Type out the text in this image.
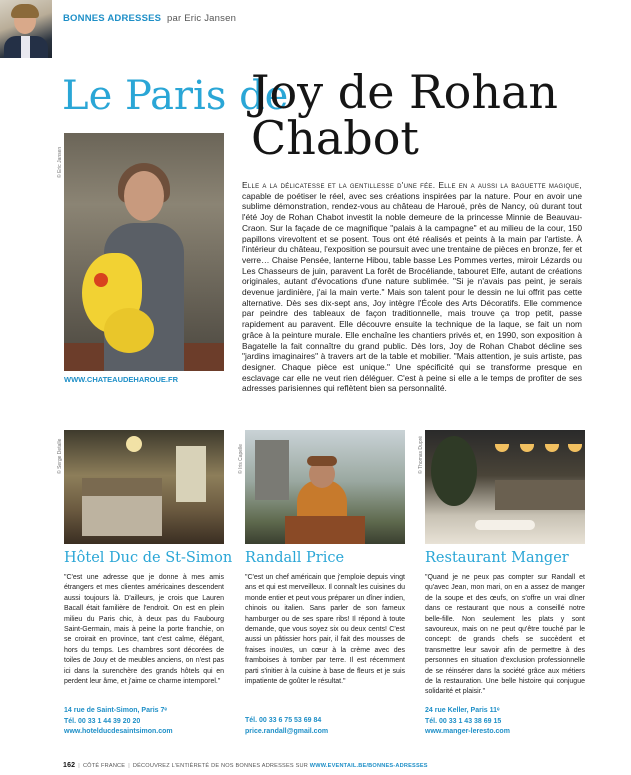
BONNES ADRESSES par Eric Jansen
Le Paris de
Joy de Rohan
Chabot
© Eric Jansen
WWW.CHATEAUDEHAROUE.FR
Elle a la délicatesse et la gentillesse d'une fée. Elle en a aussi la baguette magique, capable de poétiser le réel, avec ses créations inspirées par la nature. Pour en avoir une sublime démonstration, rendez-vous au château de Haroué, près de Nancy, où durant tout l'été Joy de Rohan Chabot investit la noble demeure de la princesse Minnie de Beauvau-Craon. Sur la façade de ce magnifique "palais à la campagne" et au milieu de la cour, 150 papillons virevoltent et se posent. Tous ont été réalisés et peints à la main par l'artiste. À l'intérieur du château, l'exposition se poursuit avec une trentaine de pièces en bronze, fer et verre… Chaise Pensée, lanterne Hibou, table basse Les Pommes vertes, miroir Lézards ou Les Chasseurs de juin, paravent La forêt de Brocéliande, tabouret Elfe, autant de créations originales, autant d'évocations d'une nature sublimée. "Si je n'avais pas peint, je serais devenue jardinière, j'ai la main verte." Mais son talent pour le dessin ne lui offrit pas cette alternative. Dès ses dix-sept ans, Joy intègre l'École des Arts Décoratifs. Elle commence par peindre des tableaux de façon traditionnelle, mais trouve ça trop petit, passe rapidement au paravent. Elle découvre ensuite la technique de la laque, se fait un nom grâce à la peinture murale. Elle enchaîne les chantiers privés et, en 1990, son exposition à Bagatelle la fait connaître du grand public. Dès lors, Joy de Rohan Chabot décline ses "jardins imaginaires" à travers art de la table et mobilier. "Mais attention, je suis artiste, pas designer. Chaque pièce est unique." Une spécificité qui se transforme presque en esclavage car elle ne veut rien déléguer. C'est à peine si elle a le temps de profiter de ses adresses parisiennes qui reflètent bien sa personnalité.
Hôtel Duc de St-Simon
"C'est une adresse que je donne à mes amis étrangers et mes clientes américaines descendent aussi toujours là. D'ailleurs, je crois que Lauren Bacall était familière de l'endroit. On est en plein milieu du Paris chic, à deux pas du Faubourg Saint-Germain, mais à peine la porte franchie, on se croirait en province, tant c'est calme, élégant, hors du temps. Les chambres sont décorées de toiles de Jouy et de meubles anciens, on n'est pas ici dans la surenchère des grands hôtels qui en perdent leur âme, et j'aime ce charme intemporel."
14 rue de Saint-Simon, Paris 7ᵉ
Tél. 00 33 1 44 39 20 20
www.hotelducdesaintsimon.com
© Serge Detalle
Randall Price
"C'est un chef américain que j'emploie depuis vingt ans et qui est merveilleux. Il connaît les cuisines du monde entier et peut vous préparer un dîner indien, chinois ou italien. Sans parler de son fameux hamburger ou de ses spare ribs! Il répond à toute demande, que vous soyez six ou deux cents! C'est aussi un pâtissier hors pair, il fait des mousses de fraises inouïes, un cœur à la crème avec des framboises à tomber par terre. Il est récemment parti s'initier à la cuisine à base de fleurs et je suis impatiente de goûter le résultat."
Tél. 00 33 6 75 53 69 84
price.randall@gmail.com
© Iris Capelle
Restaurant Manger
"Quand je ne peux pas compter sur Randall et qu'avec Jean, mon mari, on en a assez de manger de la soupe et des œufs, on s'offre un vrai dîner dans ce restaurant que nous a conseillé notre belle-fille. Non seulement les plats y sont savoureux, mais on ne peut qu'être touché par le concept: de grands chefs se succèdent et transmettre leur savoir afin de permettre à des personnes en situation d'exclusion professionnelle de se réinsérer dans la société grâce aux métiers de la restauration. Une belle histoire qui conjugue solidarité et plaisir."
24 rue Keller, Paris 11ᵉ
Tél. 00 33 1 43 38 69 15
www.manger-leresto.com
© Thomas Dupré
162 | CÔTÉ FRANCE | DÉCOUVREZ L'ENTIÈRETÉ DE NOS BONNES ADRESSES SUR WWW.EVENTAIL.BE/BONNES-ADRESSES
